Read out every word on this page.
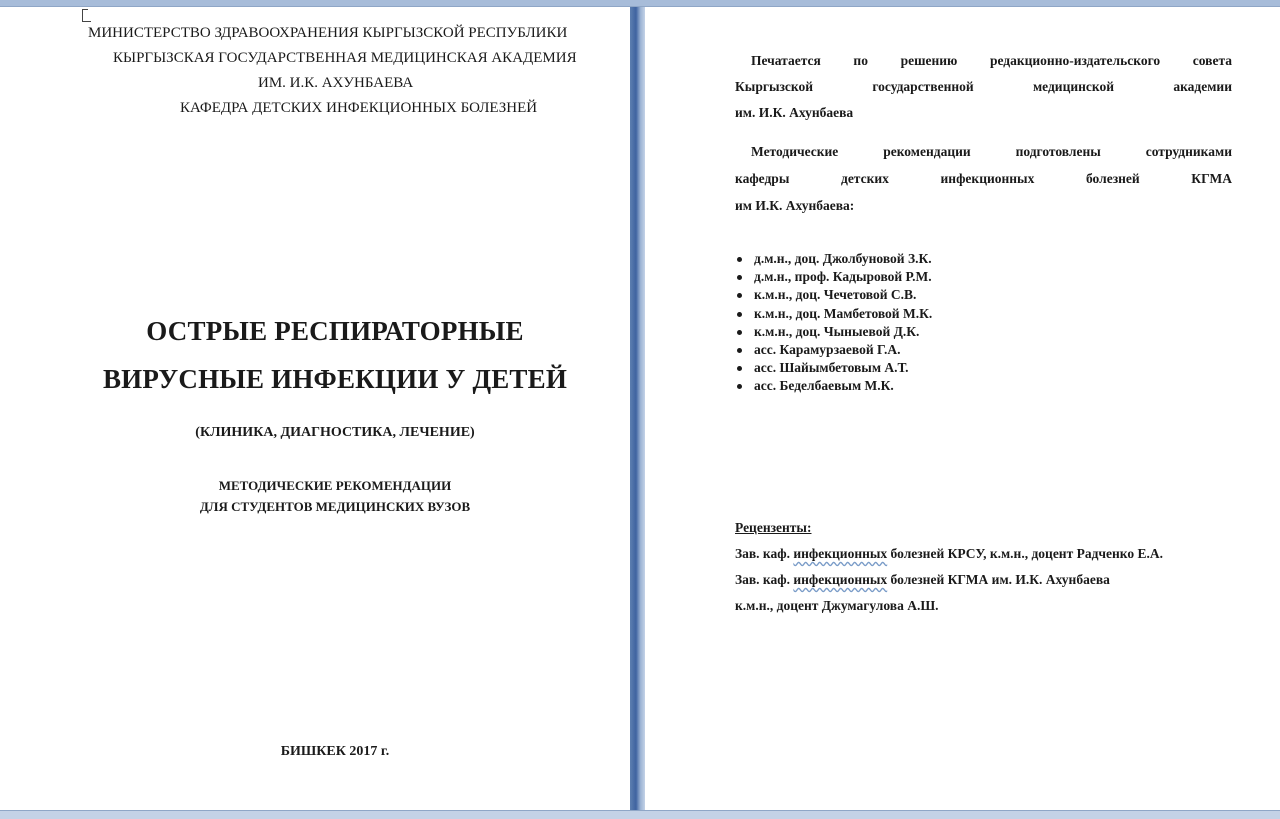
МИНИСТЕРСТВО ЗДРАВООХРАНЕНИЯ КЫРГЫЗСКОЙ РЕСПУБЛИКИ
КЫРГЫЗСКАЯ ГОСУДАРСТВЕННАЯ МЕДИЦИНСКАЯ АКАДЕМИЯ
ИМ. И.К. АХУНБАЕВА
КАФЕДРА ДЕТСКИХ ИНФЕКЦИОННЫХ БОЛЕЗНЕЙ
ОСТРЫЕ РЕСПИРАТОРНЫЕ
ВИРУСНЫЕ ИНФЕКЦИИ У ДЕТЕЙ
(КЛИНИКА, ДИАГНОСТИКА, ЛЕЧЕНИЕ)
МЕТОДИЧЕСКИЕ РЕКОМЕНДАЦИИ
ДЛЯ СТУДЕНТОВ МЕДИЦИНСКИХ ВУЗОВ
БИШКЕК 2017 г.
Печатается по решению редакционно-издательского совета
Кыргызской	государственной	медицинской	академии
им. И.К. Ахунбаева
Методические	рекомендации	подготовлены	сотрудниками
кафедры	детских	инфекционных	болезней	КГМА
им И.К. Ахунбаева:
д.м.н., доц. Джолбуновой З.К.
д.м.н., проф. Кадыровой Р.М.
к.м.н., доц. Чечетовой С.В.
к.м.н., доц. Мамбетовой М.К.
к.м.н., доц. Чыныевой Д.К.
асс. Карамурзаевой Г.А.
асс. Шайымбетовым А.Т.
асс. Беделбаевым М.К.
Рецензенты:
Зав. каф. инфекционных болезней КРСУ, к.м.н., доцент Радченко Е.А.
Зав. каф. инфекционных болезней КГМА им. И.К. Ахунбаева
к.м.н., доцент Джумагулова А.Ш.
